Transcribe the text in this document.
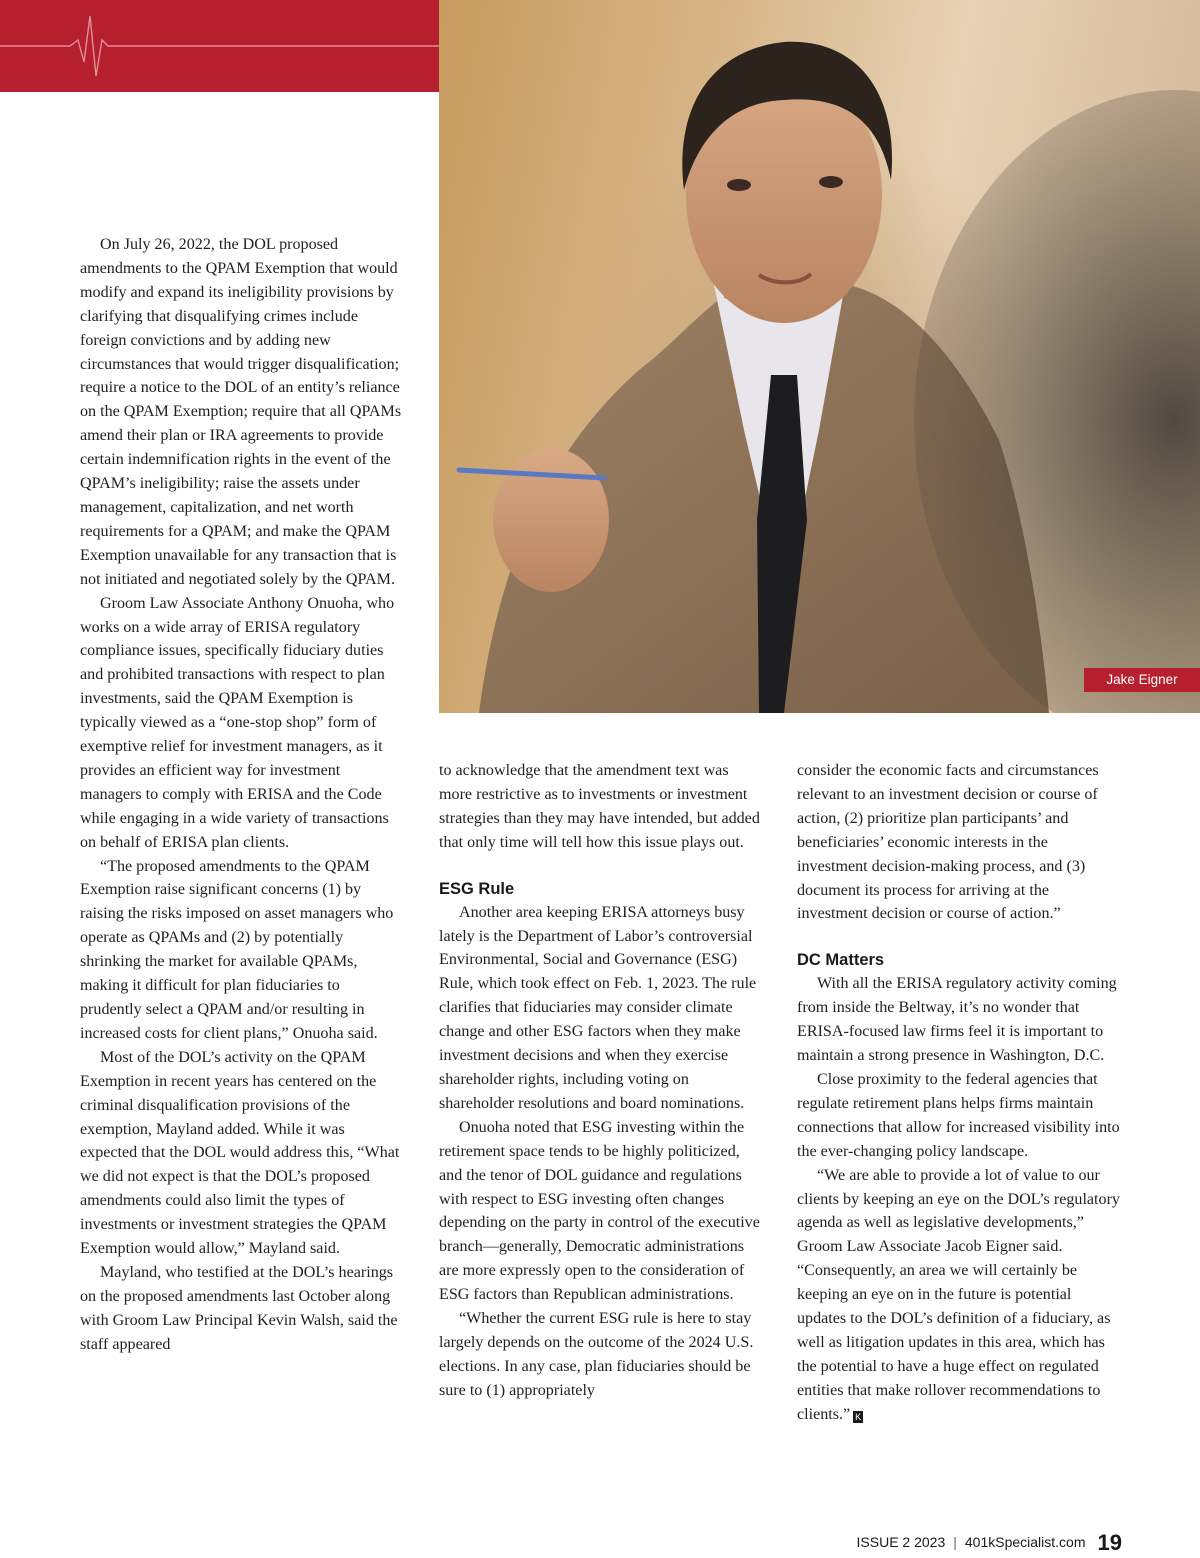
Jake Eigner

On July 26, 2022, the DOL proposed amendments to the QPAM Exemption that would modify and expand its ineligibility provisions by clarifying that disqualifying crimes include foreign convictions and by adding new circumstances that would trigger disqualification; require a notice to the DOL of an entity’s reliance on the QPAM Exemption; require that all QPAMs amend their plan or IRA agreements to provide certain indemnification rights in the event of the QPAM’s ineligibility; raise the assets under management, capitalization, and net worth requirements for a QPAM; and make the QPAM Exemption unavailable for any transaction that is not initiated and negotiated solely by the QPAM.

Groom Law Associate Anthony Onuoha, who works on a wide array of ERISA regulatory compliance issues, specifically fiduciary duties and prohibited transactions with respect to plan investments, said the QPAM Exemption is typically viewed as a “one-stop shop” form of exemptive relief for investment managers, as it provides an efficient way for investment managers to comply with ERISA and the Code while engaging in a wide variety of transactions on behalf of ERISA plan clients.

“The proposed amendments to the QPAM Exemption raise significant concerns (1) by raising the risks imposed on asset managers who operate as QPAMs and (2) by potentially shrinking the market for available QPAMs, making it difficult for plan fiduciaries to prudently select a QPAM and/or resulting in increased costs for client plans,” Onuoha said.

Most of the DOL’s activity on the QPAM Exemption in recent years has centered on the criminal disqualification provisions of the exemption, Mayland added. While it was expected that the DOL would address this, “What we did not expect is that the DOL’s proposed amendments could also limit the types of investments or investment strategies the QPAM Exemption would allow,” Mayland said.

Mayland, who testified at the DOL’s hearings on the proposed amendments last October along with Groom Law Principal Kevin Walsh, said the staff appeared

to acknowledge that the amendment text was more restrictive as to investments or investment strategies than they may have intended, but added that only time will tell how this issue plays out.

ESG Rule

Another area keeping ERISA attorneys busy lately is the Department of Labor’s controversial Environmental, Social and Governance (ESG) Rule, which took effect on Feb. 1, 2023. The rule clarifies that fiduciaries may consider climate change and other ESG factors when they make investment decisions and when they exercise shareholder rights, including voting on shareholder resolutions and board nominations.

Onuoha noted that ESG investing within the retirement space tends to be highly politicized, and the tenor of DOL guidance and regulations with respect to ESG investing often changes depending on the party in control of the executive branch—generally, Democratic administrations are more expressly open to the consideration of ESG factors than Republican administrations.

“Whether the current ESG rule is here to stay largely depends on the outcome of the 2024 U.S. elections. In any case, plan fiduciaries should be sure to (1) appropriately

consider the economic facts and circumstances relevant to an investment decision or course of action, (2) prioritize plan participants’ and beneficiaries’ economic interests in the investment decision-making process, and (3) document its process for arriving at the investment decision or course of action.”

DC Matters

With all the ERISA regulatory activity coming from inside the Beltway, it’s no wonder that ERISA-focused law firms feel it is important to maintain a strong presence in Washington, D.C.

Close proximity to the federal agencies that regulate retirement plans helps firms maintain connections that allow for increased visibility into the ever-changing policy landscape.

“We are able to provide a lot of value to our clients by keeping an eye on the DOL’s regulatory agenda as well as legislative developments,” Groom Law Associate Jacob Eigner said. “Consequently, an area we will certainly be keeping an eye on in the future is potential updates to the DOL’s definition of a fiduciary, as well as litigation updates in this area, which has the potential to have a huge effect on regulated entities that make rollover recommendations to clients.” K

ISSUE 2 2023 | 401kSpecialist.com 19
